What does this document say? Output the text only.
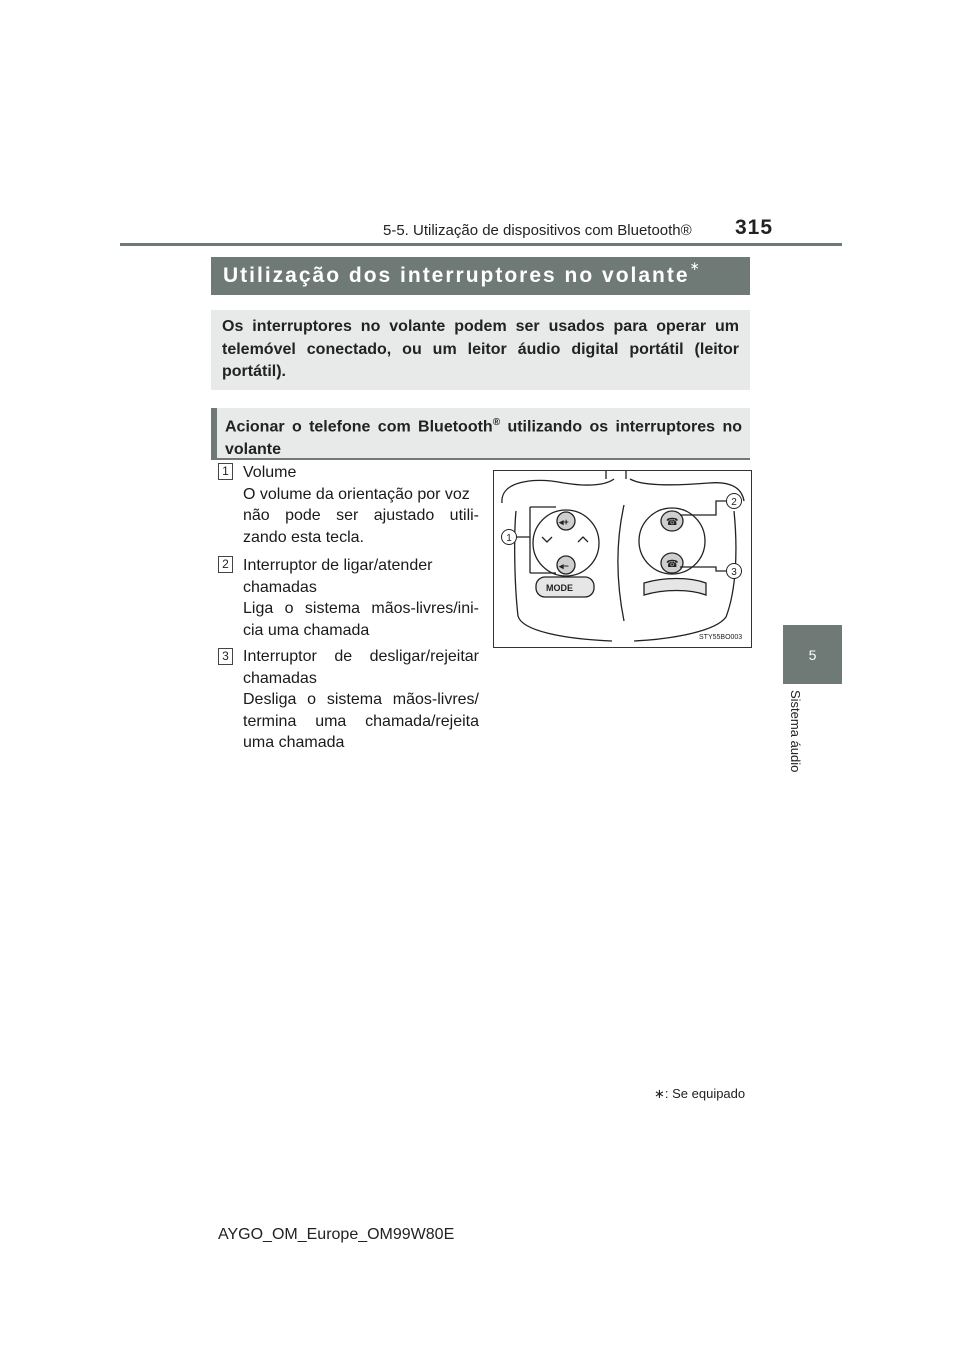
5-5. Utilização de dispositivos com Bluetooth® 315
5
Sistema áudio
Utilização dos interruptores no volante∗

Os interruptores no volante podem ser usados para operar um telemóvel conectado, ou um leitor áudio digital portátil (leitor portátil).

Acionar o telefone com Bluetooth® utilizando os interruptores no volante

1 Volume
O volume da orientação por voz
não pode ser ajustado utili-
zando esta tecla.
2 Interruptor de ligar/atender
chamadas
Liga o sistema mãos-livres/ini-
cia uma chamada
3 Interruptor de desligar/rejeitar
chamadas
Desliga o sistema mãos-livres/
termina uma chamada/rejeita
uma chamada
◂+
◂−
☎
☎
MODE
1
2
3
STY55BO003
∗: Se equipado
AYGO_OM_Europe_OM99W80E
